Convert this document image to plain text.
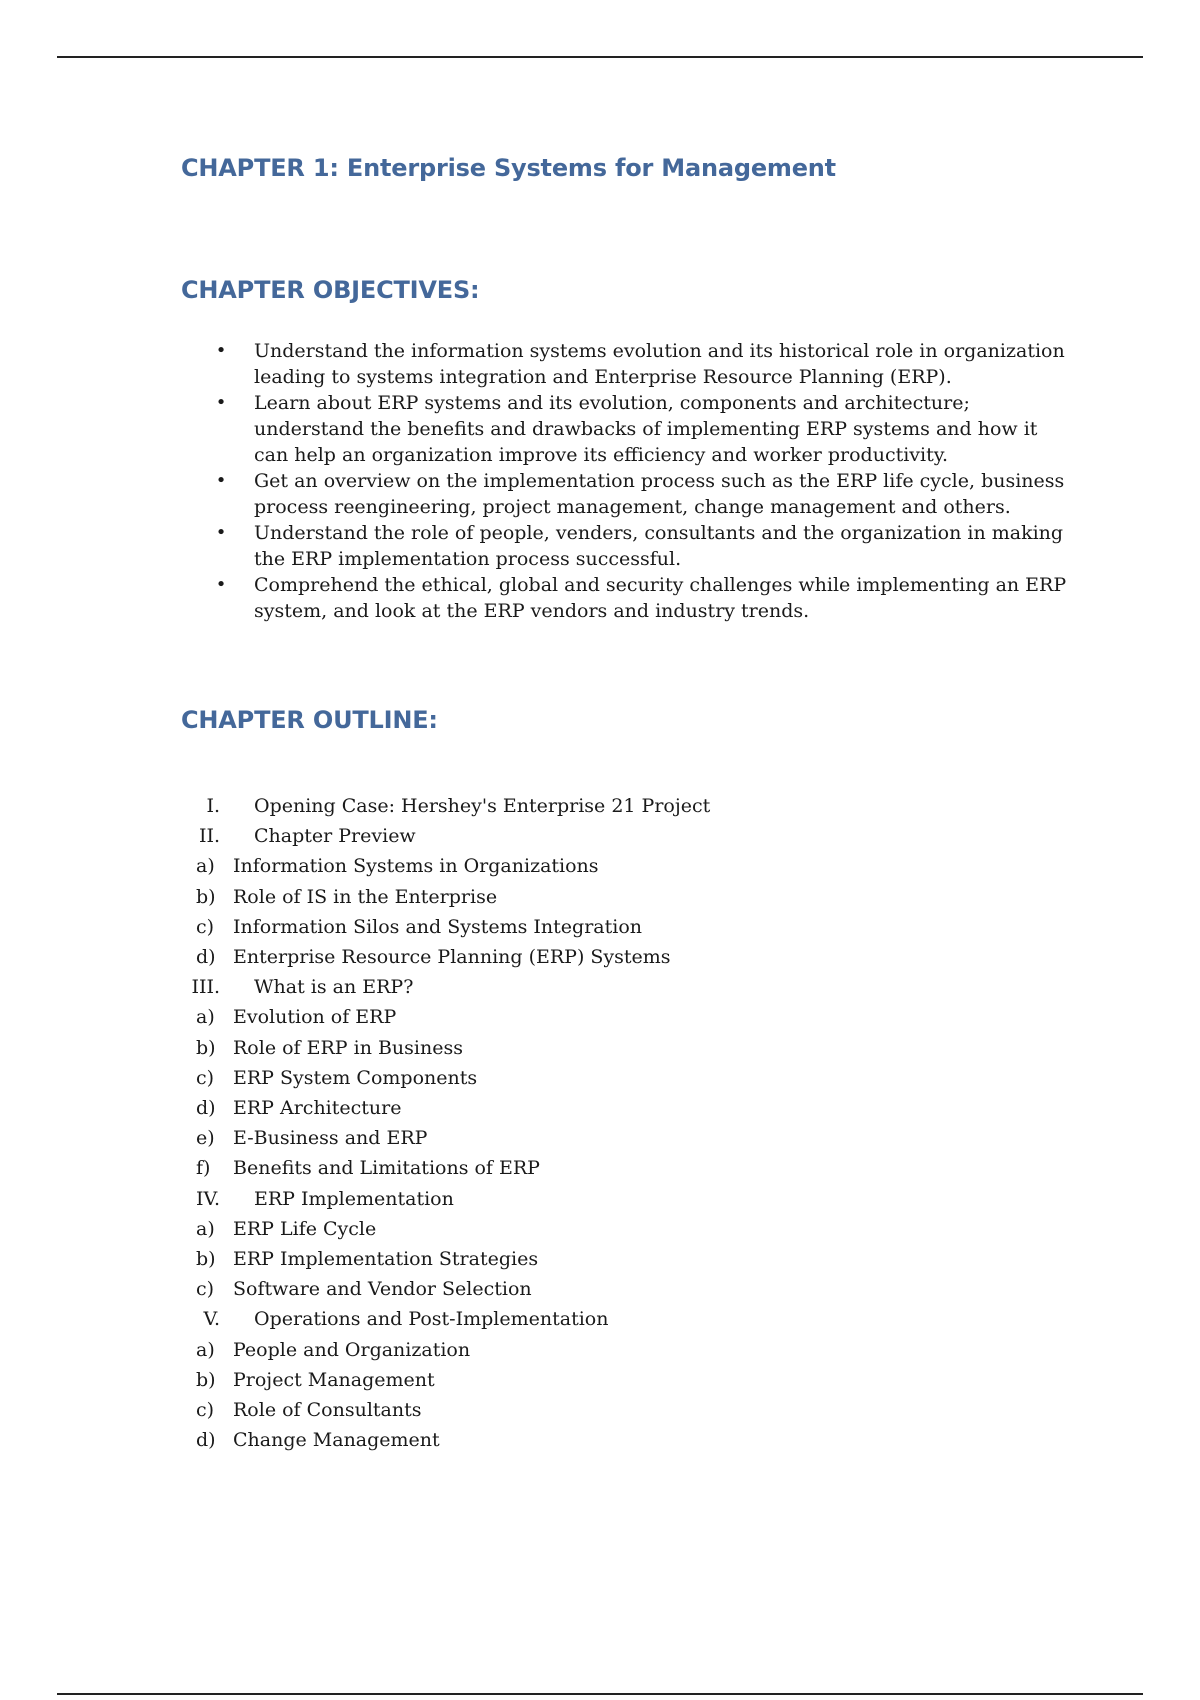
CHAPTER 1: Enterprise Systems for Management
CHAPTER OBJECTIVES:
• Understand the information systems evolution and its historical role in organization leading to systems integration and Enterprise Resource Planning (ERP).
• Learn about ERP systems and its evolution, components and architecture; understand the benefits and drawbacks of implementing ERP systems and how it can help an organization improve its efficiency and worker productivity.
• Get an overview on the implementation process such as the ERP life cycle, business process reengineering, project management, change management and others.
• Understand the role of people, venders, consultants and the organization in making the ERP implementation process successful.
• Comprehend the ethical, global and security challenges while implementing an ERP system, and look at the ERP vendors and industry trends.
CHAPTER OUTLINE:
I. Opening Case: Hershey's Enterprise 21 Project
II. Chapter Preview
a) Information Systems in Organizations
b) Role of IS in the Enterprise
c) Information Silos and Systems Integration
d) Enterprise Resource Planning (ERP) Systems
III. What is an ERP?
a) Evolution of ERP
b) Role of ERP in Business
c) ERP System Components
d) ERP Architecture
e) E-Business and ERP
f)	Benefits and Limitations of ERP
IV. ERP Implementation
a) ERP Life Cycle
b) ERP Implementation Strategies
c) Software and Vendor Selection
V. Operations and Post-Implementation
a) People and Organization
b) Project Management
c) Role of Consultants
d) Change Management
